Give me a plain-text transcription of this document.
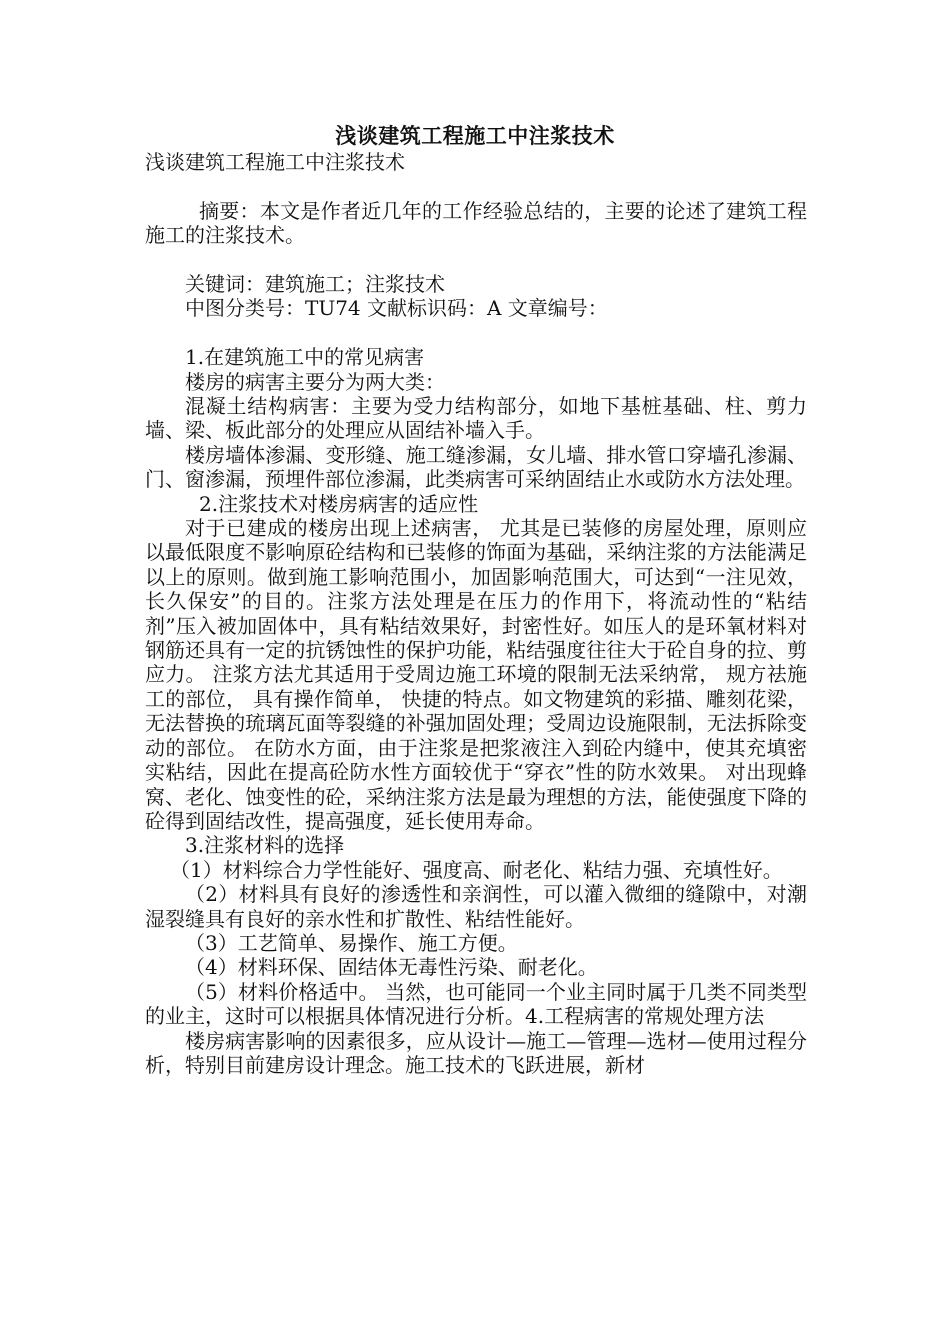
浅谈建筑工程施工中注浆技术

浅谈建筑工程施工中注浆技术

摘要：本文是作者近几年的工作经验总结的，主要的论述了建筑工程施工的注浆技术。

关键词：建筑施工；注浆技术

中图分类号：TU74 文献标识码：A 文章编号：

1.在建筑施工中的常见病害

楼房的病害主要分为两大类：

混凝土结构病害：主要为受力结构部分，如地下基桩基础、柱、剪力墙、梁、板此部分的处理应从固结补墙入手。

楼房墙体渗漏、变形缝、施工缝渗漏，女儿墙、排水管口穿墙孔渗漏、门、窗渗漏，预埋件部位渗漏，此类病害可采纳固结止水或防水方法处理。

2.注浆技术对楼房病害的适应性

对于已建成的楼房出现上述病害， 尤其是已装修的房屋处理，原则应以最低限度不影响原砼结构和已装修的饰面为基础，采纳注浆的方法能满足以上的原则。做到施工影响范围小，加固影响范围大，可达到“一注见效，长久保安”的目的。注浆方法处理是在压力的作用下，将流动性的“粘结剂”压入被加固体中，具有粘结效果好，封密性好。如压人的是环氧材料对钢筋还具有一定的抗锈蚀性的保护功能，粘结强度往往大于砼自身的拉、剪应力。 注浆方法尤其适用于受周边施工环境的限制无法采纳常， 规方祛施工的部位， 具有操作简单， 快捷的特点。如文物建筑的彩描、雕刻花梁，无法替换的琉璃瓦面等裂缝的补强加固处理；受周边设施限制，无法拆除变动的部位。 在防水方面，由于注浆是把浆液注入到砼内缝中，使其充填密实粘结，因此在提高砼防水性方面较优于“穿衣”性的防水效果。 对出现蜂窝、老化、蚀变性的砼，采纳注浆方法是最为理想的方法，能使强度下降的砼得到固结改性，提高强度，延长使用寿命。

3.注浆材料的选择

（1）材料综合力学性能好、强度高、耐老化、粘结力强、充填性好。

（2）材料具有良好的渗透性和亲润性，可以灌入微细的缝隙中，对潮湿裂缝具有良好的亲水性和扩散性、粘结性能好。

（3）工艺简单、易操作、施工方便。

（4）材料环保、固结体无毒性污染、耐老化。

（5）材料价格适中。 当然，也可能同一个业主同时属于几类不同类型的业主，这时可以根据具体情况进行分析。4.工程病害的常规处理方法

楼房病害影响的因素很多，应从设计—施工—管理—选材—使用过程分析，特别目前建房设计理念。施工技术的飞跃进展，新材
